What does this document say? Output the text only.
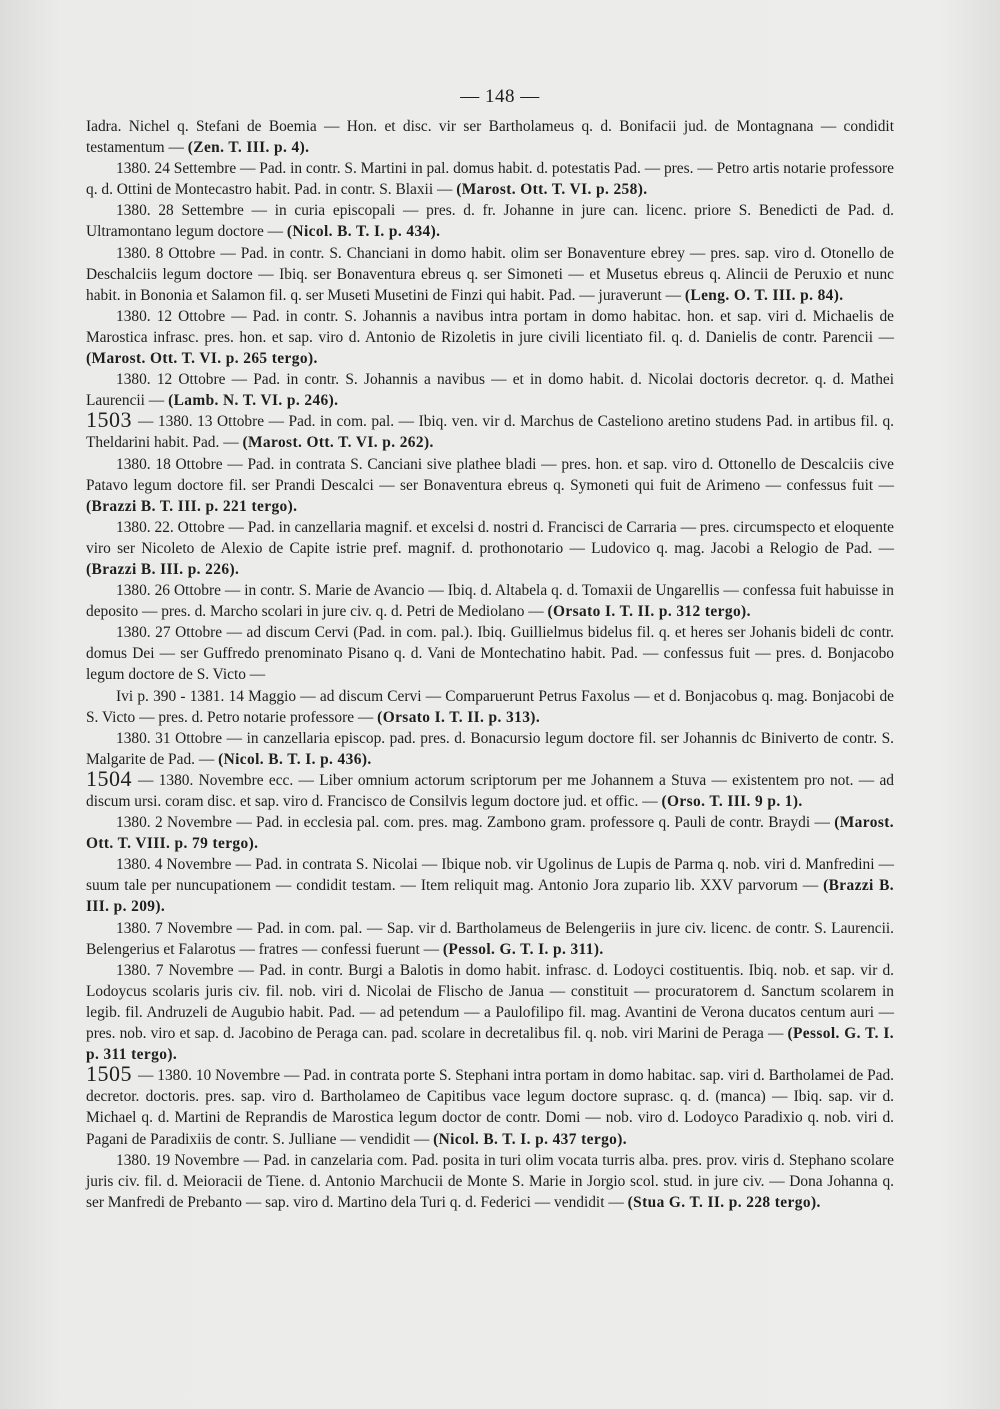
— 148 —

Iadra. Nichel q. Stefani de Boemia — Hon. et disc. vir ser Bartholameus q. d. Bonifacii jud. de Montagnana — condidit testamentum — (Zen. T. III. p. 4).

1380. 24 Settembre — Pad. in contr. S. Martini in pal. domus habit. d. potestatis Pad. — pres. — Petro artis notarie professore q. d. Ottini de Montecastro habit. Pad. in contr. S. Blaxii — (Marost. Ott. T. VI. p. 258).

1380. 28 Settembre — in curia episcopali — pres. d. fr. Johanne in jure can. licenc. priore S. Benedicti de Pad. d. Ultramontano legum doctore — (Nicol. B. T. I. p. 434).

1380. 8 Ottobre — Pad. in contr. S. Chanciani in domo habit. olim ser Bonaventure ebrey — pres. sap. viro d. Otonello de Deschalciis legum doctore — Ibiq. ser Bonaventura ebreus q. ser Simoneti — et Musetus ebreus q. Alincii de Peruxio et nunc habit. in Bononia et Salamon fil. q. ser Museti Musetini de Finzi qui habit. Pad. — juraverunt — (Leng. O. T. III. p. 84).

1380. 12 Ottobre — Pad. in contr. S. Johannis a navibus intra portam in domo habitac. hon. et sap. viri d. Michaelis de Marostica infrasc. pres. hon. et sap. viro d. Antonio de Rizoletis in jure civili licentiato fil. q. d. Danielis de contr. Parencii — (Marost. Ott. T. VI. p. 265 tergo).

1380. 12 Ottobre — Pad. in contr. S. Johannis a navibus — et in domo habit. d. Nicolai doctoris decretor. q. d. Mathei Laurencii — (Lamb. N. T. VI. p. 246).

1503 — 1380. 13 Ottobre — Pad. in com. pal. — Ibiq. ven. vir d. Marchus de Casteliono aretino studens Pad. in artibus fil. q. Theldarini habit. Pad. — (Marost. Ott. T. VI. p. 262).

1380. 18 Ottobre — Pad. in contrata S. Canciani sive plathee bladi — pres. hon. et sap. viro d. Ottonello de Descalciis cive Patavo legum doctore fil. ser Prandi Descalci — ser Bonaventura ebreus q. Symoneti qui fuit de Arimeno — confessus fuit — (Brazzi B. T. III. p. 221 tergo).

1380. 22. Ottobre — Pad. in canzellaria magnif. et excelsi d. nostri d. Francisci de Carraria — pres. circumspecto et eloquente viro ser Nicoleto de Alexio de Capite istrie pref. magnif. d. prothonotario — Ludovico q. mag. Jacobi a Relogio de Pad. — (Brazzi B. III. p. 226).

1380. 26 Ottobre — in contr. S. Marie de Avancio — Ibiq. d. Altabela q. d. Tomaxii de Ungarellis — confessa fuit habuisse in deposito — pres. d. Marcho scolari in jure civ. q. d. Petri de Mediolano — (Orsato I. T. II. p. 312 tergo).

1380. 27 Ottobre — ad discum Cervi (Pad. in com. pal.). Ibiq. Guillielmus bidelus fil. q. et heres ser Johanis bideli dc contr. domus Dei — ser Guffredo prenominato Pisano q. d. Vani de Montechatino habit. Pad. — confessus fuit — pres. d. Bonjacobo legum doctore de S. Victo —

Ivi p. 390 - 1381. 14 Maggio — ad discum Cervi — Comparuerunt Petrus Faxolus — et d. Bonjacobus q. mag. Bonjacobi de S. Victo — pres. d. Petro notarie professore — (Orsato I. T. II. p. 313).

1380. 31 Ottobre — in canzellaria episcop. pad. pres. d. Bonacursio legum doctore fil. ser Johannis dc Biniverto de contr. S. Malgarite de Pad. — (Nicol. B. T. I. p. 436).

1504 — 1380. Novembre ecc. — Liber omnium actorum scriptorum per me Johannem a Stuva — existentem pro not. — ad discum ursi. coram disc. et sap. viro d. Francisco de Consilvis legum doctore jud. et offic. — (Orso. T. III. 9 p. 1).

1380. 2 Novembre — Pad. in ecclesia pal. com. pres. mag. Zambono gram. professore q. Pauli de contr. Braydi — (Marost. Ott. T. VIII. p. 79 tergo).

1380. 4 Novembre — Pad. in contrata S. Nicolai — Ibique nob. vir Ugolinus de Lupis de Parma q. nob. viri d. Manfredini — suum tale per nuncupationem — condidit testam. — Item reliquit mag. Antonio Jora zupario lib. XXV parvorum — (Brazzi B. III. p. 209).

1380. 7 Novembre — Pad. in com. pal. — Sap. vir d. Bartholameus de Belengeriis in jure civ. licenc. de contr. S. Laurencii. Belengerius et Falarotus — fratres — confessi fuerunt — (Pessol. G. T. I. p. 311).

1380. 7 Novembre — Pad. in contr. Burgi a Balotis in domo habit. infrasc. d. Lodoyci costituentis. Ibiq. nob. et sap. vir d. Lodoycus scolaris juris civ. fil. nob. viri d. Nicolai de Flischo de Janua — constituit — procuratorem d. Sanctum scolarem in legib. fil. Andruzeli de Augubio habit. Pad. — ad petendum — a Paulofilipo fil. mag. Avantini de Verona ducatos centum auri — pres. nob. viro et sap. d. Jacobino de Peraga can. pad. scolare in decretalibus fil. q. nob. viri Marini de Peraga — (Pessol. G. T. I. p. 311 tergo).

1505 — 1380. 10 Novembre — Pad. in contrata porte S. Stephani intra portam in domo habitac. sap. viri d. Bartholamei de Pad. decretor. doctoris. pres. sap. viro d. Bartholameo de Capitibus vace legum doctore suprasc. q. d. (manca) — Ibiq. sap. vir d. Michael q. d. Martini de Reprandis de Marostica legum doctor de contr. Domi — nob. viro d. Lodoyco Paradixio q. nob. viri d. Pagani de Paradixiis de contr. S. Julliane — vendidit — (Nicol. B. T. I. p. 437 tergo).

1380. 19 Novembre — Pad. in canzelaria com. Pad. posita in turi olim vocata turris alba. pres. prov. viris d. Stephano scolare juris civ. fil. d. Meioracii de Tiene. d. Antonio Marchucii de Monte S. Marie in Jorgio scol. stud. in jure civ. — Dona Johanna q. ser Manfredi de Prebanto — sap. viro d. Martino dela Turi q. d. Federici — vendidit — (Stua G. T. II. p. 228 tergo).
